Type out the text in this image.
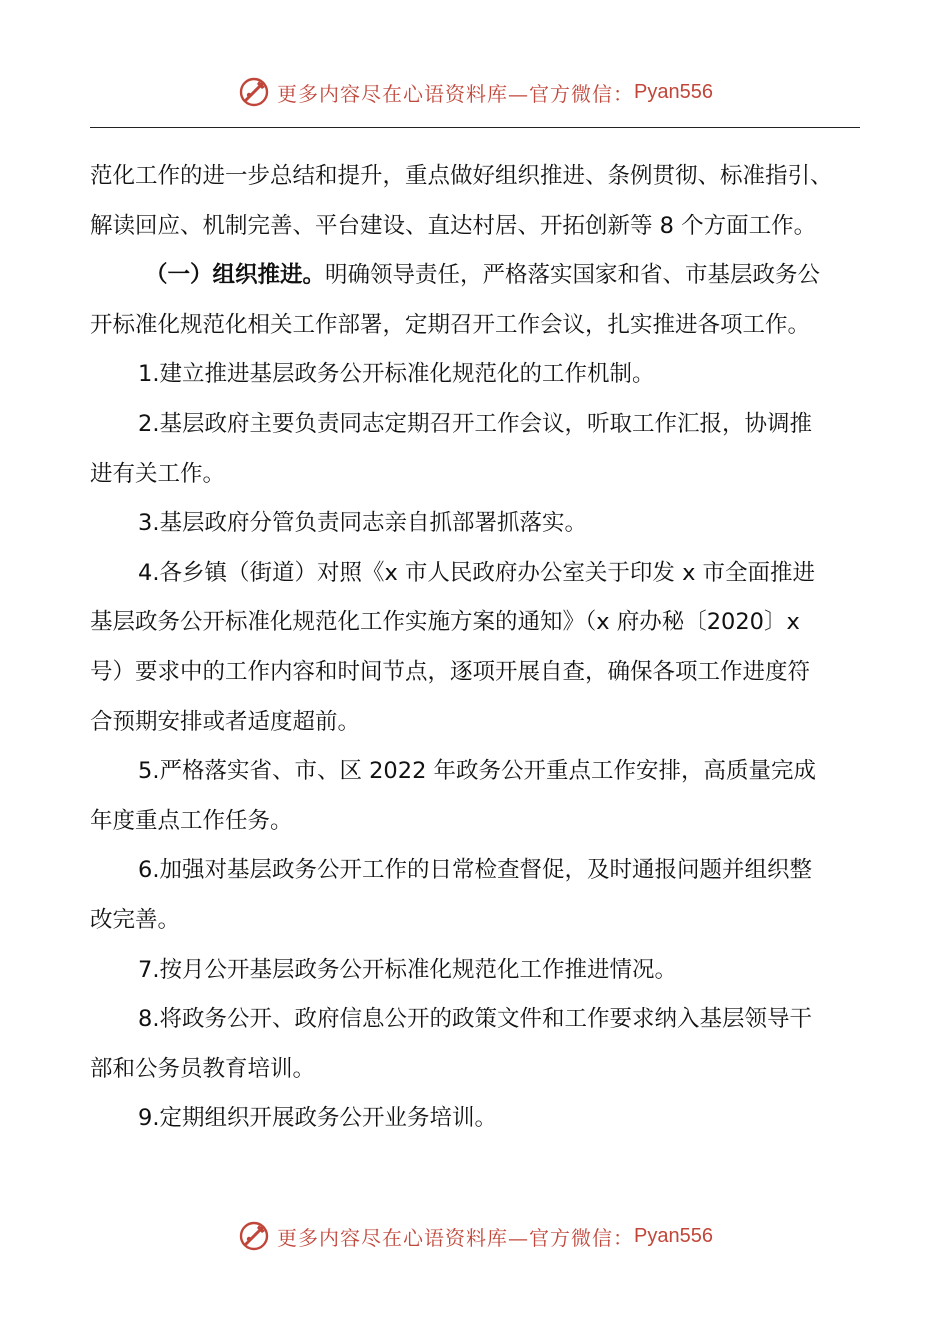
更多内容尽在心语资料库—官方微信： Pyan556
范化工作的进一步总结和提升，重点做好组织推进、条例贯彻、标准指引、
解读回应、机制完善、平台建设、直达村居、开拓创新等 8 个方面工作。
（一）组织推进。明确领导责任，严格落实国家和省、市基层政务公
开标准化规范化相关工作部署，定期召开工作会议，扎实推进各项工作。
1.建立推进基层政务公开标准化规范化的工作机制。
2.基层政府主要负责同志定期召开工作会议，听取工作汇报，协调推
进有关工作。
3.基层政府分管负责同志亲自抓部署抓落实。
4.各乡镇（街道）对照《x 市人民政府办公室关于印发 x 市全面推进
基层政务公开标准化规范化工作实施方案的通知》（x 府办秘〔2020〕x
号）要求中的工作内容和时间节点，逐项开展自查，确保各项工作进度符
合预期安排或者适度超前。
5.严格落实省、市、区 2022 年政务公开重点工作安排，高质量完成
年度重点工作任务。
6.加强对基层政务公开工作的日常检查督促，及时通报问题并组织整
改完善。
7.按月公开基层政务公开标准化规范化工作推进情况。
8.将政务公开、政府信息公开的政策文件和工作要求纳入基层领导干
部和公务员教育培训。
9.定期组织开展政务公开业务培训。
更多内容尽在心语资料库—官方微信： Pyan556
